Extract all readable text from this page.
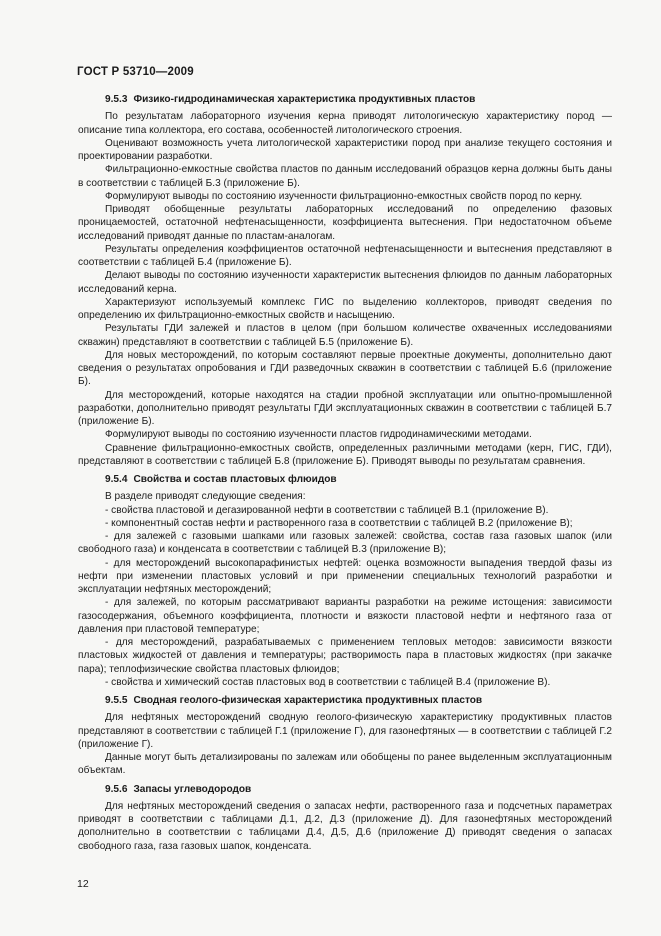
ГОСТ Р 53710—2009
9.5.3 Физико-гидродинамическая характеристика продуктивных пластов

По результатам лабораторного изучения керна приводят литологическую характеристику пород — описание типа коллектора, его состава, особенностей литологического строения.

Оценивают возможность учета литологической характеристики пород при анализе текущего состояния и проектировании разработки.

Фильтрационно-емкостные свойства пластов по данным исследований образцов керна должны быть даны в соответствии с таблицей Б.3 (приложение Б).

Формулируют выводы по состоянию изученности фильтрационно-емкостных свойств пород по керну.

Приводят обобщенные результаты лабораторных исследований по определению фазовых проницаемостей, остаточной нефтенасыщенности, коэффициента вытеснения. При недостаточном объеме исследований приводят данные по пластам-аналогам.

Результаты определения коэффициентов остаточной нефтенасыщенности и вытеснения представляют в соответствии с таблицей Б.4 (приложение Б).

Делают выводы по состоянию изученности характеристик вытеснения флюидов по данным лабораторных исследований керна.

Характеризуют используемый комплекс ГИС по выделению коллекторов, приводят сведения по определению их фильтрационно-емкостных свойств и насыщению.

Результаты ГДИ залежей и пластов в целом (при большом количестве охваченных исследованиями скважин) представляют в соответствии с таблицей Б.5 (приложение Б).

Для новых месторождений, по которым составляют первые проектные документы, дополнительно дают сведения о результатах опробования и ГДИ разведочных скважин в соответствии с таблицей Б.6 (приложение Б).

Для месторождений, которые находятся на стадии пробной эксплуатации или опытно-промышленной разработки, дополнительно приводят результаты ГДИ эксплуатационных скважин в соответствии с таблицей Б.7 (приложение Б).

Формулируют выводы по состоянию изученности пластов гидродинамическими методами.

Сравнение фильтрационно-емкостных свойств, определенных различными методами (керн, ГИС, ГДИ), представляют в соответствии с таблицей Б.8 (приложение Б). Приводят выводы по результатам сравнения.

9.5.4 Свойства и состав пластовых флюидов

В разделе приводят следующие сведения:

- свойства пластовой и дегазированной нефти в соответствии с таблицей В.1 (приложение В).

- компонентный состав нефти и растворенного газа в соответствии с таблицей В.2 (приложение В);

- для залежей с газовыми шапками или газовых залежей: свойства, состав газа газовых шапок (или свободного газа) и конденсата в соответствии с таблицей В.3 (приложение В);

- для месторождений высокопарафинистых нефтей: оценка возможности выпадения твердой фазы из нефти при изменении пластовых условий и при применении специальных технологий разработки и эксплуатации нефтяных месторождений;

- для залежей, по которым рассматривают варианты разработки на режиме истощения: зависимости газосодержания, объемного коэффициента, плотности и вязкости пластовой нефти и нефтяного газа от давления при пластовой температуре;

- для месторождений, разрабатываемых с применением тепловых методов: зависимости вязкости пластовых жидкостей от давления и температуры; растворимость пара в пластовых жидкостях (при закачке пара); теплофизические свойства пластовых флюидов;

- свойства и химический состав пластовых вод в соответствии с таблицей В.4 (приложение В).

9.5.5 Сводная геолого-физическая характеристика продуктивных пластов

Для нефтяных месторождений сводную геолого-физическую характеристику продуктивных пластов представляют в соответствии с таблицей Г.1 (приложение Г), для газонефтяных — в соответствии с таблицей Г.2 (приложение Г).

Данные могут быть детализированы по залежам или обобщены по ранее выделенным эксплуатационным объектам.

9.5.6 Запасы углеводородов

Для нефтяных месторождений сведения о запасах нефти, растворенного газа и подсчетных параметрах приводят в соответствии с таблицами Д.1, Д.2, Д.3 (приложение Д). Для газонефтяных месторождений дополнительно в соответствии с таблицами Д.4, Д.5, Д.6 (приложение Д) приводят сведения о запасах свободного газа, газа газовых шапок, конденсата.

12
